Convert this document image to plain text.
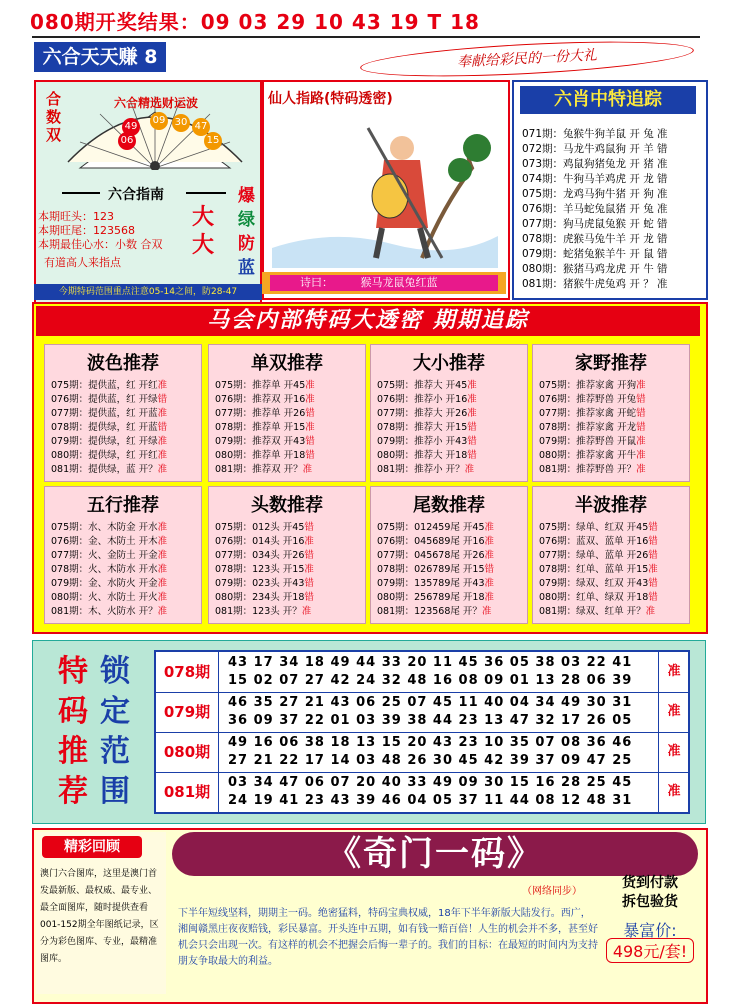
080期开奖结果：09 03 29 10 43 19 T 18
六合天天赚 8	奉献给彩民的一份大礼
合数双
六合精选财运波
49
09 30 47
06	15
六合指南
本期旺头：123
本期旺尾：123568
本期最佳心水：小数 合双
有道高人来指点
大大
爆
绿
防
蓝
今期特码范围重点注意05-14之间，防28-47
仙人指路(特码透密)
诗曰：	猴马龙鼠兔红蓝
六肖中特追踪
071期：兔猴牛狗羊鼠 开 兔 准
072期：马龙牛鸡鼠狗 开 羊 错
073期：鸡鼠狗猪兔龙 开 猪 准
074期：牛狗马羊鸡虎 开 龙 错
075期：龙鸡马狗牛猪 开 狗 准
076期：羊马蛇兔鼠猪 开 兔 准
077期：狗马虎鼠兔猴 开 蛇 错
078期：虎猴马兔牛羊 开 龙 错
079期：蛇猪兔猴羊牛 开 鼠 错
080期：猴猪马鸡龙虎 开 牛 错
081期：猪猴牛虎兔鸡 开 ？ 准
马会内部特码大透密 期期追踪
波色推荐
075期：提供蓝，红 开红准
076期：提供蓝，红 开绿错
077期：提供蓝，红 开蓝准
078期：提供绿，红 开蓝错
079期：提供绿，红 开绿准
080期：提供绿，红 开红准
081期：提供绿，蓝 开？准
单双推荐
075期：推荐单 开45准
076期：推荐双 开16准
077期：推荐单 开26错
078期：推荐单 开15准
079期：推荐双 开43错
080期：推荐单 开18错
081期：推荐双 开？准
大小推荐
075期：推荐大 开45准
076期：推荐小 开16准
077期：推荐大 开26准
078期：推荐大 开15错
079期：推荐小 开43错
080期：推荐大 开18错
081期：推荐小 开？准
家野推荐
075期：推荐家禽 开狗准
076期：推荐野兽 开兔错
077期：推荐家禽 开蛇错
078期：推荐家禽 开龙错
079期：推荐野兽 开鼠准
080期：推荐家禽 开牛准
081期：推荐野兽 开？准
五行推荐
075期：水、木防金 开水准
076期：金、木防土 开木准
077期：火、金防土 开金准
078期：火、木防水 开水准
079期：金、水防火 开金准
080期：火、水防土 开火准
081期：木、火防水 开？准
头数推荐
075期：012头 开45错
076期：014头 开16准
077期：034头 开26错
078期：123头 开15准
079期：023头 开43错
080期：234头 开18错
081期：123头 开？准
尾数推荐
075期：012459尾 开45准
076期：045689尾 开16准
077期：045678尾 开26准
078期：026789尾 开15错
079期：135789尾 开43准
080期：256789尾 开18准
081期：123568尾 开？准
半波推荐
075期：绿单、红双 开45错
076期：蓝双、蓝单 开16错
077期：绿单、蓝单 开26错
078期：红单、蓝单 开15准
079期：绿双、红双 开43错
080期：红单、绿双 开18错
081期：绿双、红单 开？准
特
码
推
荐
锁
定
范
围
078期
43 17 34 18 49 44 33 20 11 45 36 05 38 03 22 41
15 02 07 27 42 24 32 48 16 08 09 01 13 28 06 39
准
079期
46 35 27 21 43 06 25 07 45 11 40 04 34 49 30 31
36 09 37 22 01 03 39 38 44 23 13 47 32 17 26 05
准
080期
49 16 06 38 18 13 15 20 43 23 10 35 07 08 36 46
27 21 22 17 14 03 48 26 30 45 42 39 37 09 47 25
准
081期
03 34 47 06 07 20 40 33 49 09 30 15 16 28 25 45
24 19 41 23 43 39 46 04 05 37 11 44 08 12 48 31
准
精彩回顾
澳门六合图库，这里是澳门首发最新版、最权威、最专业、最全面图库，随时提供查看001-152期全年图纸记录，区分为彩色图库、专业，最精准图库。
《奇门一码》
（网络同步）
下半年短线坚料，期期主一码。绝密猛料，特码宝典权威，18年下半年新版大陆发行。西广，湘闽赣黑庄夜夜赔钱，彩民暴富。开头连中五期，如有钱一赔百倍！人生的机会并不多，甚至好机会只会出现一次。有这样的机会不把握会后悔一辈子的。我们的目标：在最短的时间内为支持朋友争取最大的利益。
货到付款
拆包验货
暴富价:
498元/套!
